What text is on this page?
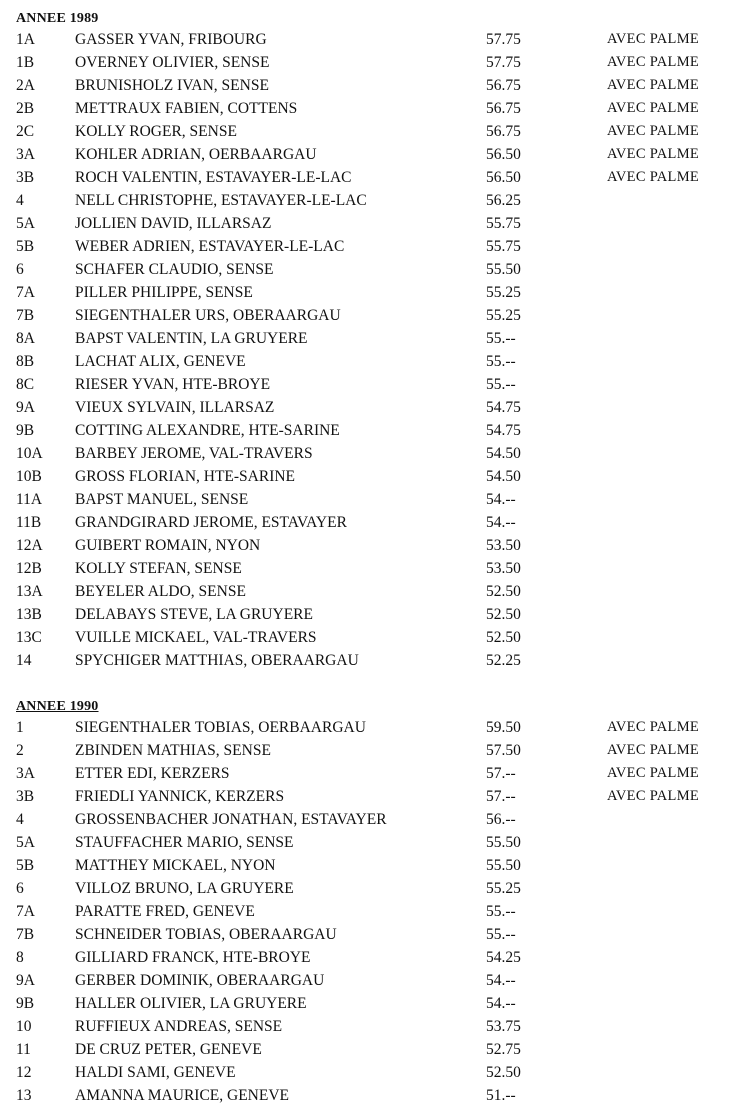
ANNEE 1989
1A	GASSER YVAN, FRIBOURG	57.75	AVEC PALME
1B	OVERNEY OLIVIER, SENSE	57.75	AVEC PALME
2A	BRUNISHOLZ IVAN, SENSE	56.75	AVEC PALME
2B	METTRAUX FABIEN, COTTENS	56.75	AVEC PALME
2C	KOLLY ROGER, SENSE	56.75	AVEC PALME
3A	KOHLER ADRIAN, OERBAARGAU	56.50	AVEC PALME
3B	ROCH VALENTIN, ESTAVAYER-LE-LAC	56.50	AVEC PALME
4	NELL CHRISTOPHE, ESTAVAYER-LE-LAC	56.25
5A	JOLLIEN DAVID, ILLARSAZ	55.75
5B	WEBER ADRIEN, ESTAVAYER-LE-LAC	55.75
6	SCHAFER CLAUDIO, SENSE	55.50
7A	PILLER PHILIPPE, SENSE	55.25
7B	SIEGENTHALER URS, OBERAARGAU	55.25
8A	BAPST VALENTIN, LA GRUYERE	55.--
8B	LACHAT ALIX, GENEVE	55.--
8C	RIESER YVAN, HTE-BROYE	55.--
9A	VIEUX SYLVAIN, ILLARSAZ	54.75
9B	COTTING ALEXANDRE, HTE-SARINE	54.75
10A	BARBEY JEROME, VAL-TRAVERS	54.50
10B	GROSS FLORIAN, HTE-SARINE	54.50
11A	BAPST MANUEL, SENSE	54.--
11B	GRANDGIRARD JEROME, ESTAVAYER	54.--
12A	GUIBERT ROMAIN, NYON	53.50
12B	KOLLY STEFAN, SENSE	53.50
13A	BEYELER ALDO, SENSE	52.50
13B	DELABAYS STEVE, LA GRUYERE	52.50
13C	VUILLE MICKAEL, VAL-TRAVERS	52.50
14	SPYCHIGER MATTHIAS, OBERAARGAU	52.25
ANNEE 1990
1	SIEGENTHALER TOBIAS, OERBAARGAU	59.50	AVEC PALME
2	ZBINDEN MATHIAS, SENSE	57.50	AVEC PALME
3A	ETTER EDI, KERZERS	57.--	AVEC PALME
3B	FRIEDLI YANNICK, KERZERS	57.--	AVEC PALME
4	GROSSENBACHER JONATHAN, ESTAVAYER	56.--
5A	STAUFFACHER MARIO, SENSE	55.50
5B	MATTHEY MICKAEL, NYON	55.50
6	VILLOZ BRUNO, LA GRUYERE	55.25
7A	PARATTE FRED, GENEVE	55.--
7B	SCHNEIDER TOBIAS, OBERAARGAU	55.--
8	GILLIARD FRANCK, HTE-BROYE	54.25
9A	GERBER DOMINIK, OBERAARGAU	54.--
9B	HALLER OLIVIER, LA GRUYERE	54.--
10	RUFFIEUX ANDREAS, SENSE	53.75
11	DE CRUZ PETER, GENEVE	52.75
12	HALDI SAMI, GENEVE	52.50
13	AMANNA MAURICE, GENEVE	51.--
